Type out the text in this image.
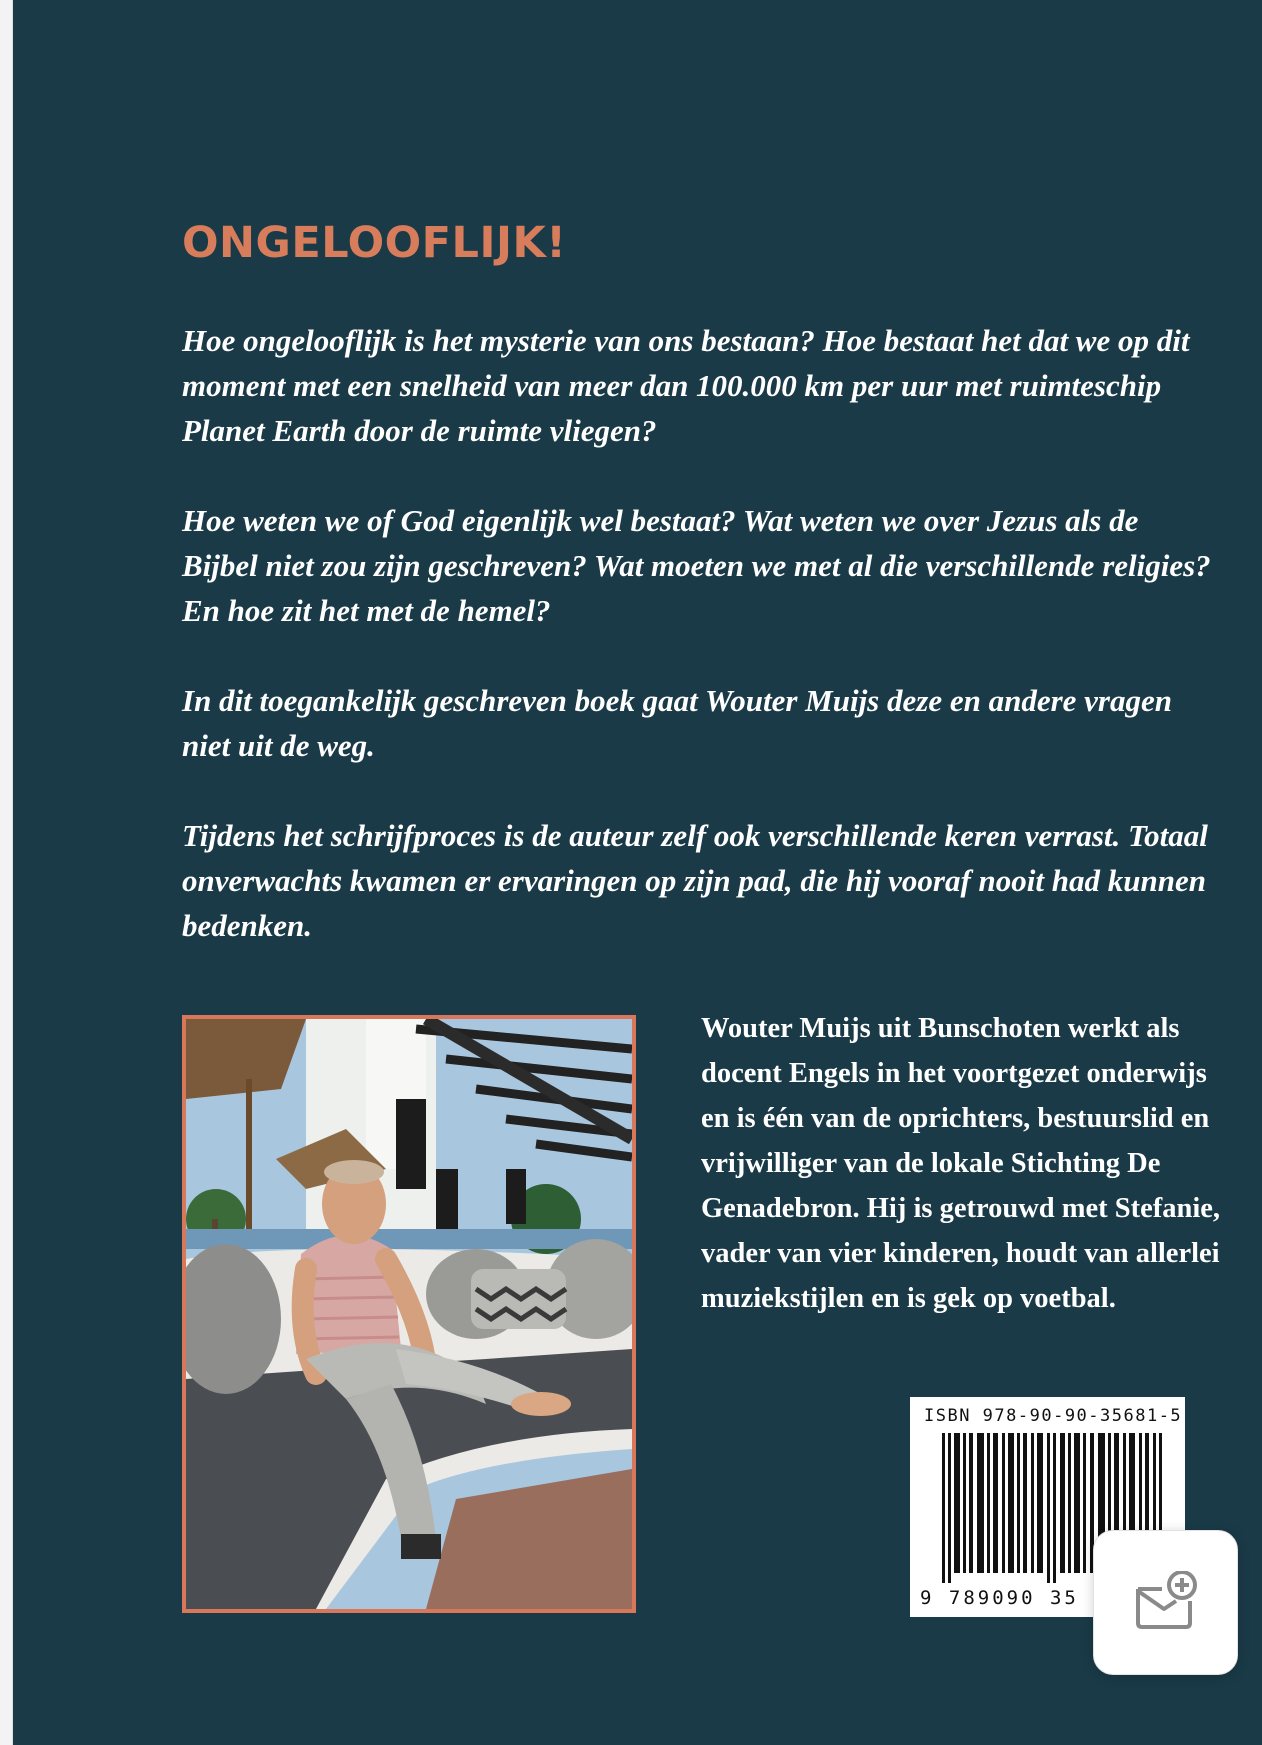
ONGELOOFLIJK!

Hoe ongelooflijk is het mysterie van ons bestaan? Hoe bestaat het dat we op dit moment met een snelheid van meer dan 100.000 km per uur met ruimteschip Planet Earth door de ruimte vliegen?

Hoe weten we of God eigenlijk wel bestaat? Wat weten we over Jezus als de Bijbel niet zou zijn geschreven? Wat moeten we met al die verschillende religies? En hoe zit het met de hemel?

In dit toegankelijk geschreven boek gaat Wouter Muijs deze en andere vragen niet uit de weg.

Tijdens het schrijfproces is de auteur zelf ook verschillende keren verrast. Totaal onverwachts kwamen er ervaringen op zijn pad, die hij vooraf nooit had kunnen bedenken.

Wouter Muijs uit Bunschoten werkt als docent Engels in het voortgezet onderwijs en is één van de oprichters, bestuurslid en vrijwilliger van de lokale Stichting De Genadebron. Hij is getrouwd met Stefanie, vader van vier kinderen, houdt van allerlei muziekstijlen en is gek op voetbal.

ISBN 978-90-90-35681-5
9 789090 35
